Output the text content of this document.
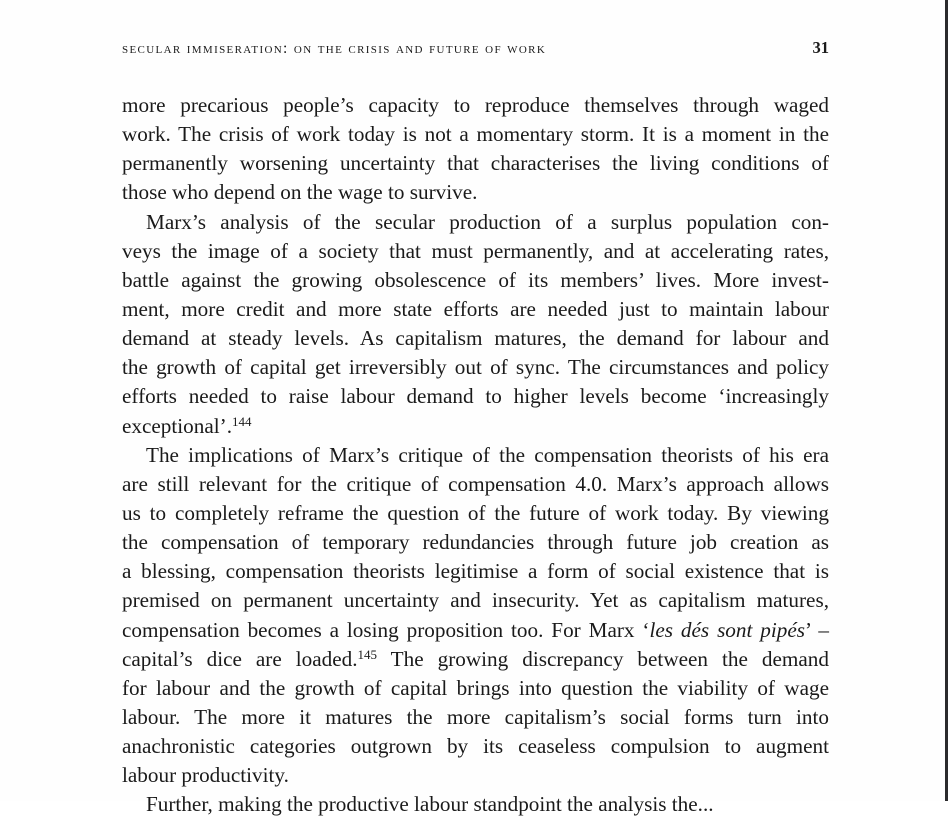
secular immiseration: on the crisis and future of work	31
more precarious people’s capacity to reproduce themselves through waged
work. The crisis of work today is not a momentary storm. It is a moment in the
permanently worsening uncertainty that characterises the living conditions of
those who depend on the wage to survive.
Marx’s analysis of the secular production of a surplus population con-
veys the image of a society that must permanently, and at accelerating rates,
battle against the growing obsolescence of its members’ lives. More invest-
ment, more credit and more state efforts are needed just to maintain labour
demand at steady levels. As capitalism matures, the demand for labour and
the growth of capital get irreversibly out of sync. The circumstances and policy
efforts needed to raise labour demand to higher levels become ‘increasingly
exceptional’.$^{144}$
The implications of Marx’s critique of the compensation theorists of his era
are still relevant for the critique of compensation 4.0. Marx’s approach allows
us to completely reframe the question of the future of work today. By viewing
the compensation of temporary redundancies through future job creation as
a blessing, compensation theorists legitimise a form of social existence that is
premised on permanent uncertainty and insecurity. Yet as capitalism matures,
compensation becomes a losing proposition too. For Marx ‘les dés sont pipés’ –
capital’s dice are loaded.$^{145}$ The growing discrepancy between the demand
for labour and the growth of capital brings into question the viability of wage
labour. The more it matures the more capitalism’s social forms turn into
anachronistic categories outgrown by its ceaseless compulsion to augment
labour productivity.
Further, making the productive labour standpoint the analysis the...
